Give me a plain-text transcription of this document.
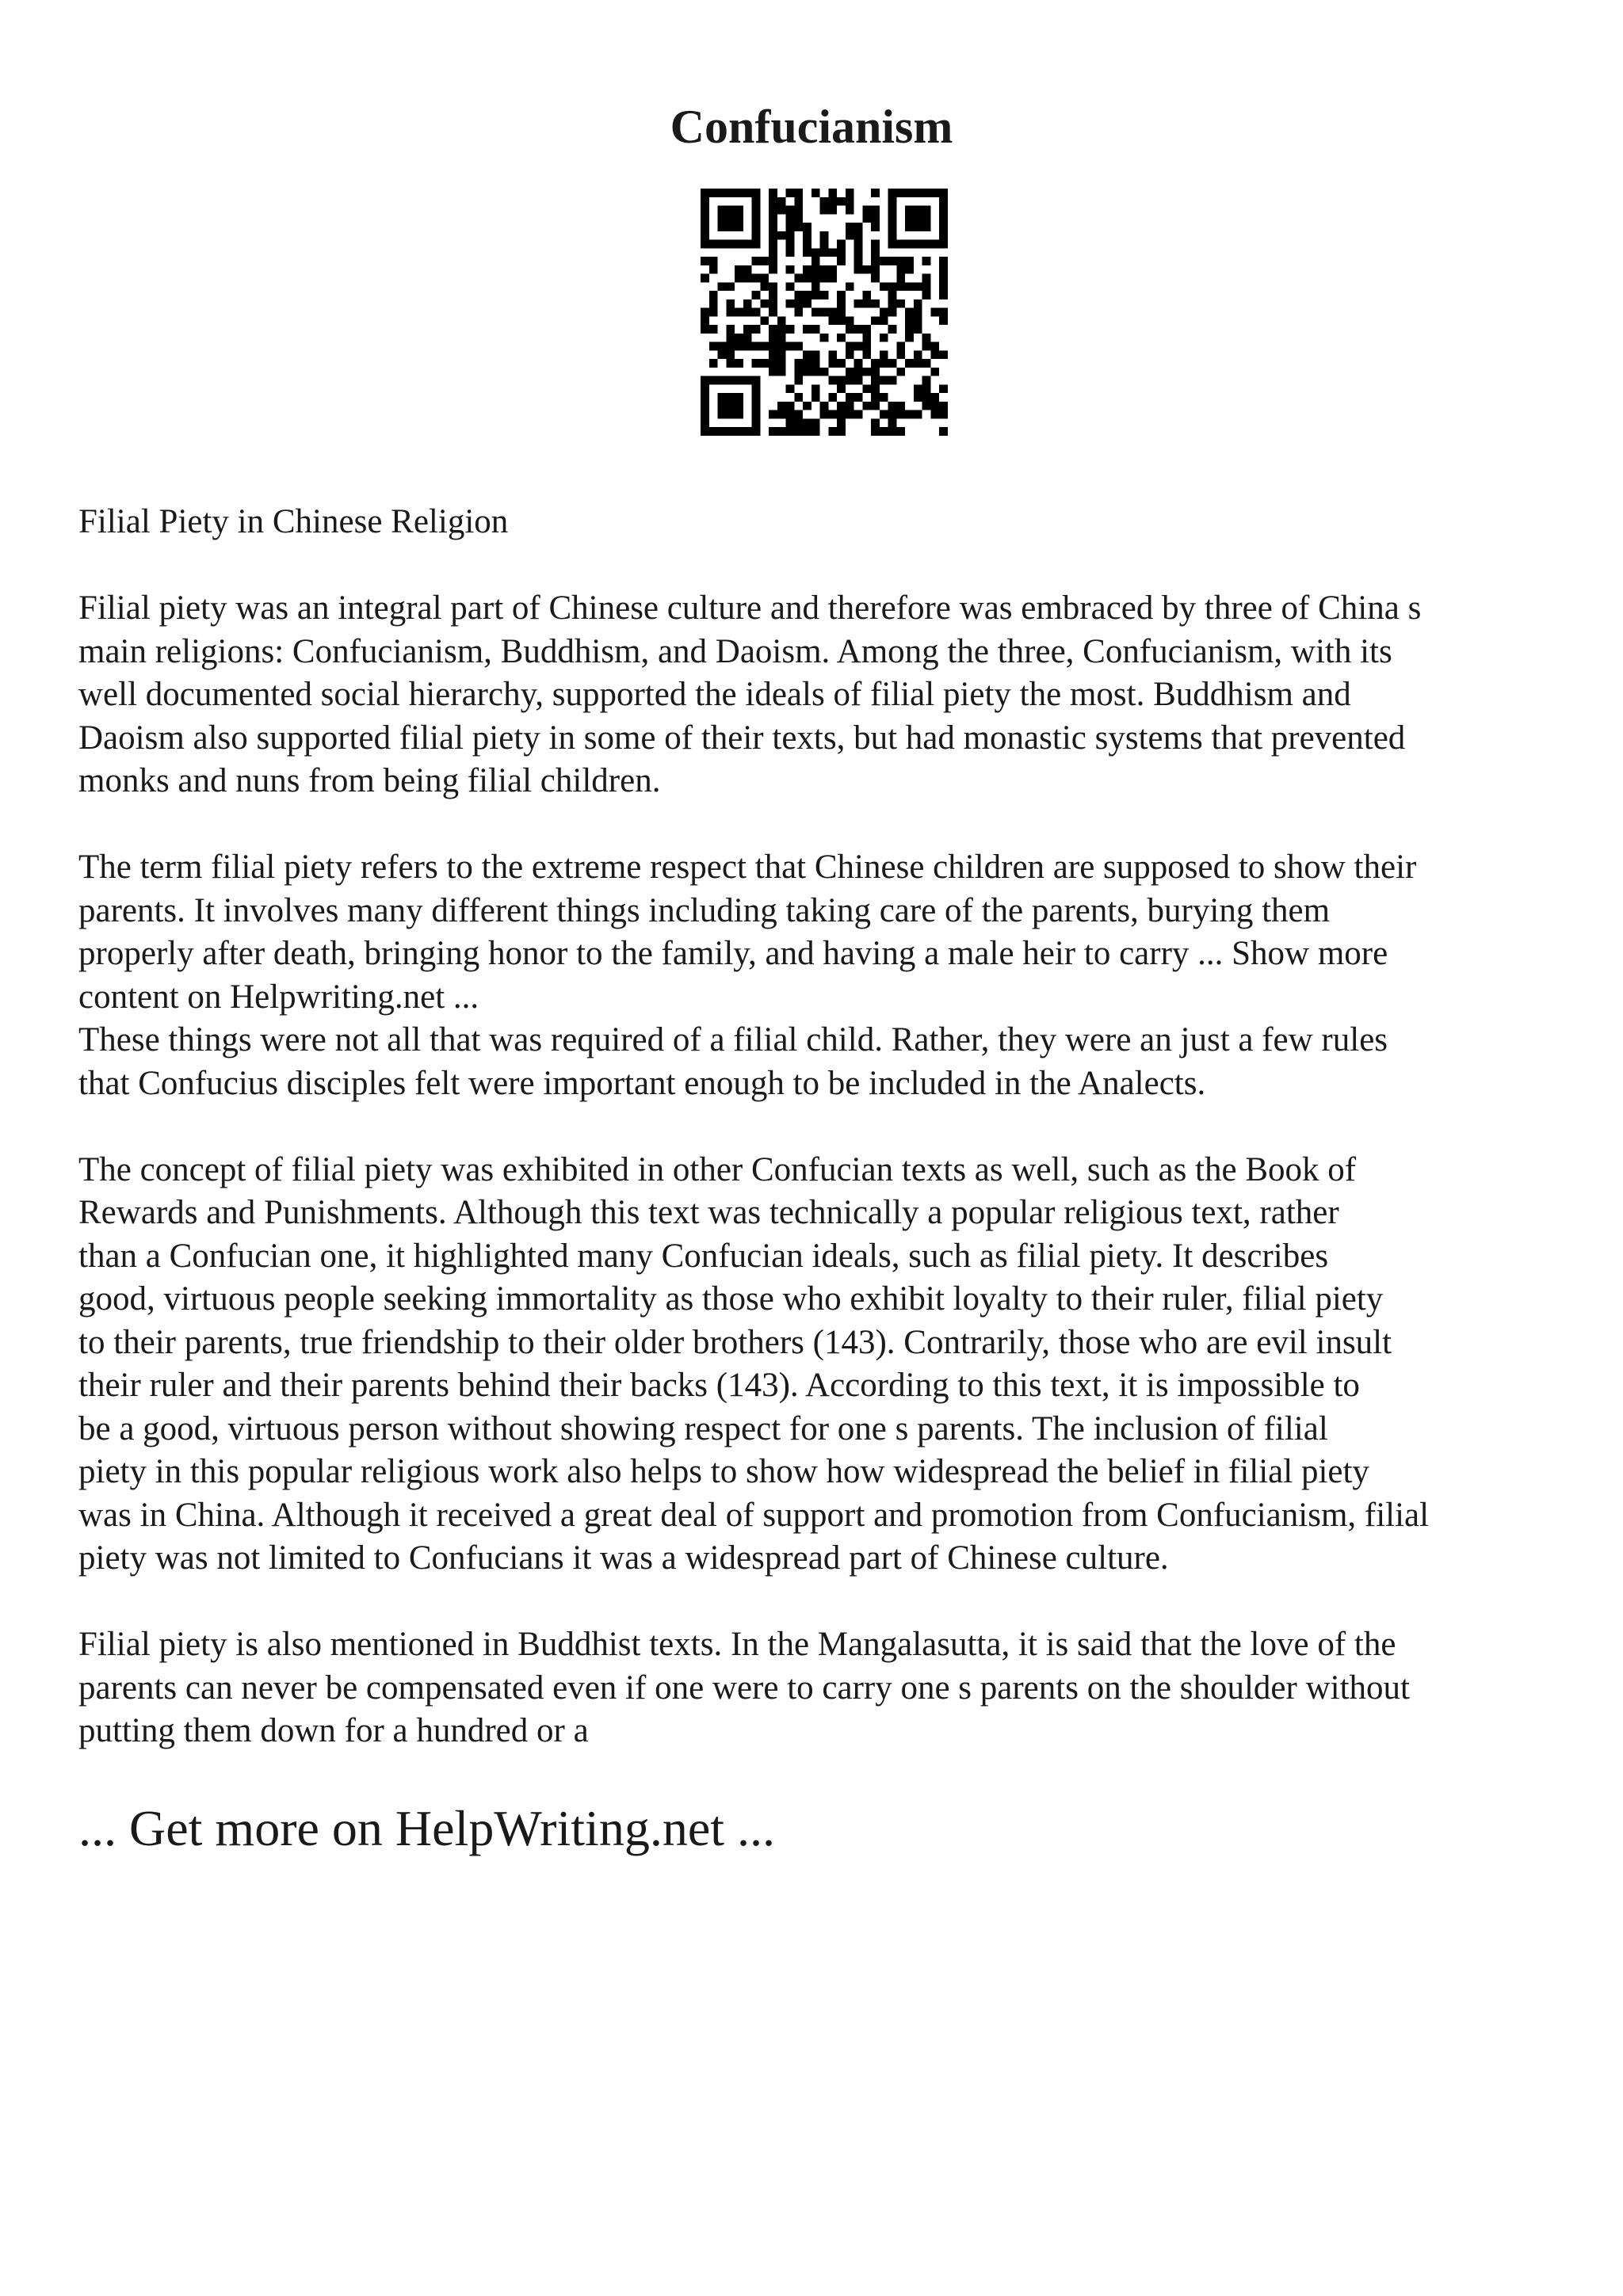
Confucianism
Filial Piety in Chinese Religion
Filial piety was an integral part of Chinese culture and therefore was embraced by three of China s
main religions: Confucianism, Buddhism, and Daoism. Among the three, Confucianism, with its
well documented social hierarchy, supported the ideals of filial piety the most. Buddhism and
Daoism also supported filial piety in some of their texts, but had monastic systems that prevented
monks and nuns from being filial children.
The term filial piety refers to the extreme respect that Chinese children are supposed to show their
parents. It involves many different things including taking care of the parents, burying them
properly after death, bringing honor to the family, and having a male heir to carry ... Show more
content on Helpwriting.net ...
These things were not all that was required of a filial child. Rather, they were an just a few rules
that Confucius disciples felt were important enough to be included in the Analects.
The concept of filial piety was exhibited in other Confucian texts as well, such as the Book of
Rewards and Punishments. Although this text was technically a popular religious text, rather
than a Confucian one, it highlighted many Confucian ideals, such as filial piety. It describes
good, virtuous people seeking immortality as those who exhibit loyalty to their ruler, filial piety
to their parents, true friendship to their older brothers (143). Contrarily, those who are evil insult
their ruler and their parents behind their backs (143). According to this text, it is impossible to
be a good, virtuous person without showing respect for one s parents. The inclusion of filial
piety in this popular religious work also helps to show how widespread the belief in filial piety
was in China. Although it received a great deal of support and promotion from Confucianism, filial
piety was not limited to Confucians it was a widespread part of Chinese culture.
Filial piety is also mentioned in Buddhist texts. In the Mangalasutta, it is said that the love of the
parents can never be compensated even if one were to carry one s parents on the shoulder without
putting them down for a hundred or a
... Get more on HelpWriting.net ...
